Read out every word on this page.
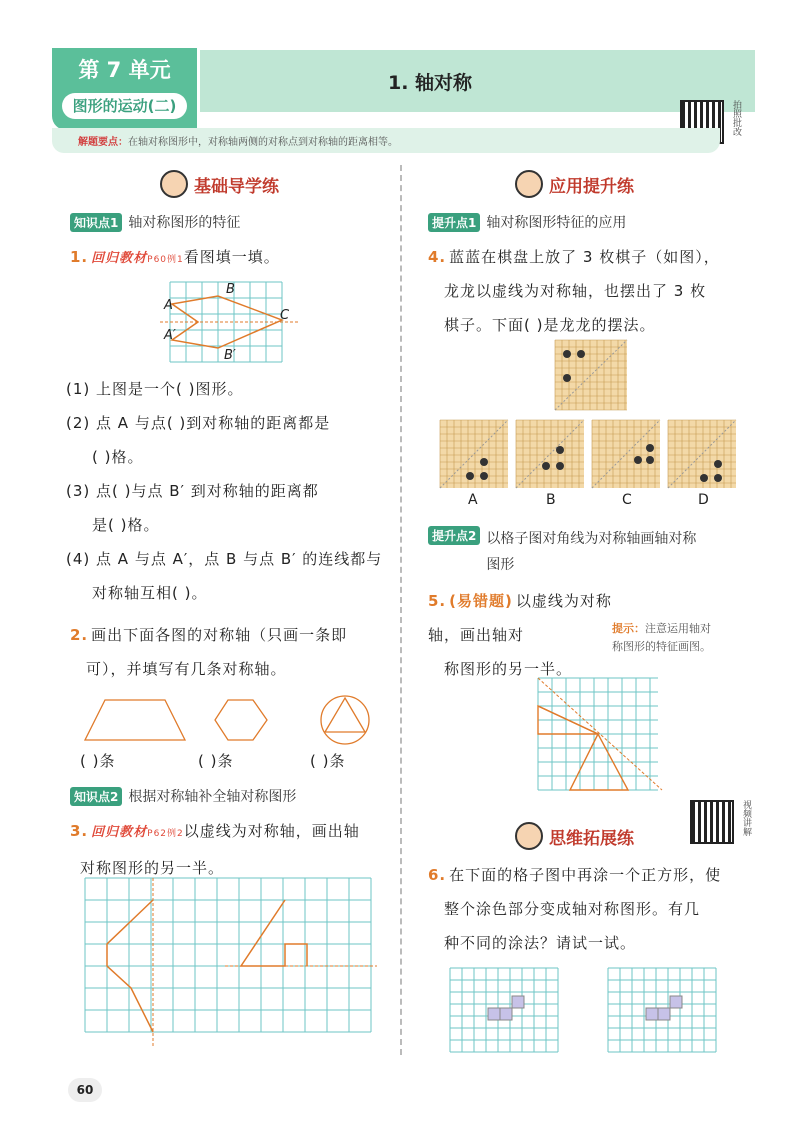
第 7 单元
图形的运动(二)
1. 轴对称
拍照批改
解题要点：在轴对称图形中，对称轴两侧的对称点到对称轴的距离相等。
基础导学练
知识点1 轴对称图形的特征
1. 回归教材P60例1看图填一填。
A
B
C
A′
B′
(1) 上图是一个( )图形。
(2) 点 A 与点( )到对称轴的距离都是
( )格。
(3) 点( )与点 B′ 到对称轴的距离都
是( )格。
(4) 点 A 与点 A′，点 B 与点 B′ 的连线都与
对称轴互相( )。
2. 画出下面各图的对称轴（只画一条即
可），并填写有几条对称轴。
( )条	( )条	( )条
知识点2 根据对称轴补全轴对称图形
3. 回归教材P62例2以虚线为对称轴，画出轴
对称图形的另一半。
60
应用提升练
提升点1 轴对称图形特征的应用
4. 蓝蓝在棋盘上放了 3 枚棋子（如图），
龙龙以虚线为对称轴，也摆出了 3 枚
棋子。下面( )是龙龙的摆法。
A	B	C	D
提升点2 以格子图对角线为对称轴画轴对称
图形
5. (易错题) 以虚线为对称轴，画出轴对
称图形的另一半。
提示：注意运用轴对
称图形的特征画图。
视频讲解
思维拓展练
6. 在下面的格子图中再涂一个正方形，使
整个涂色部分变成轴对称图形。有几
种不同的涂法？请试一试。
